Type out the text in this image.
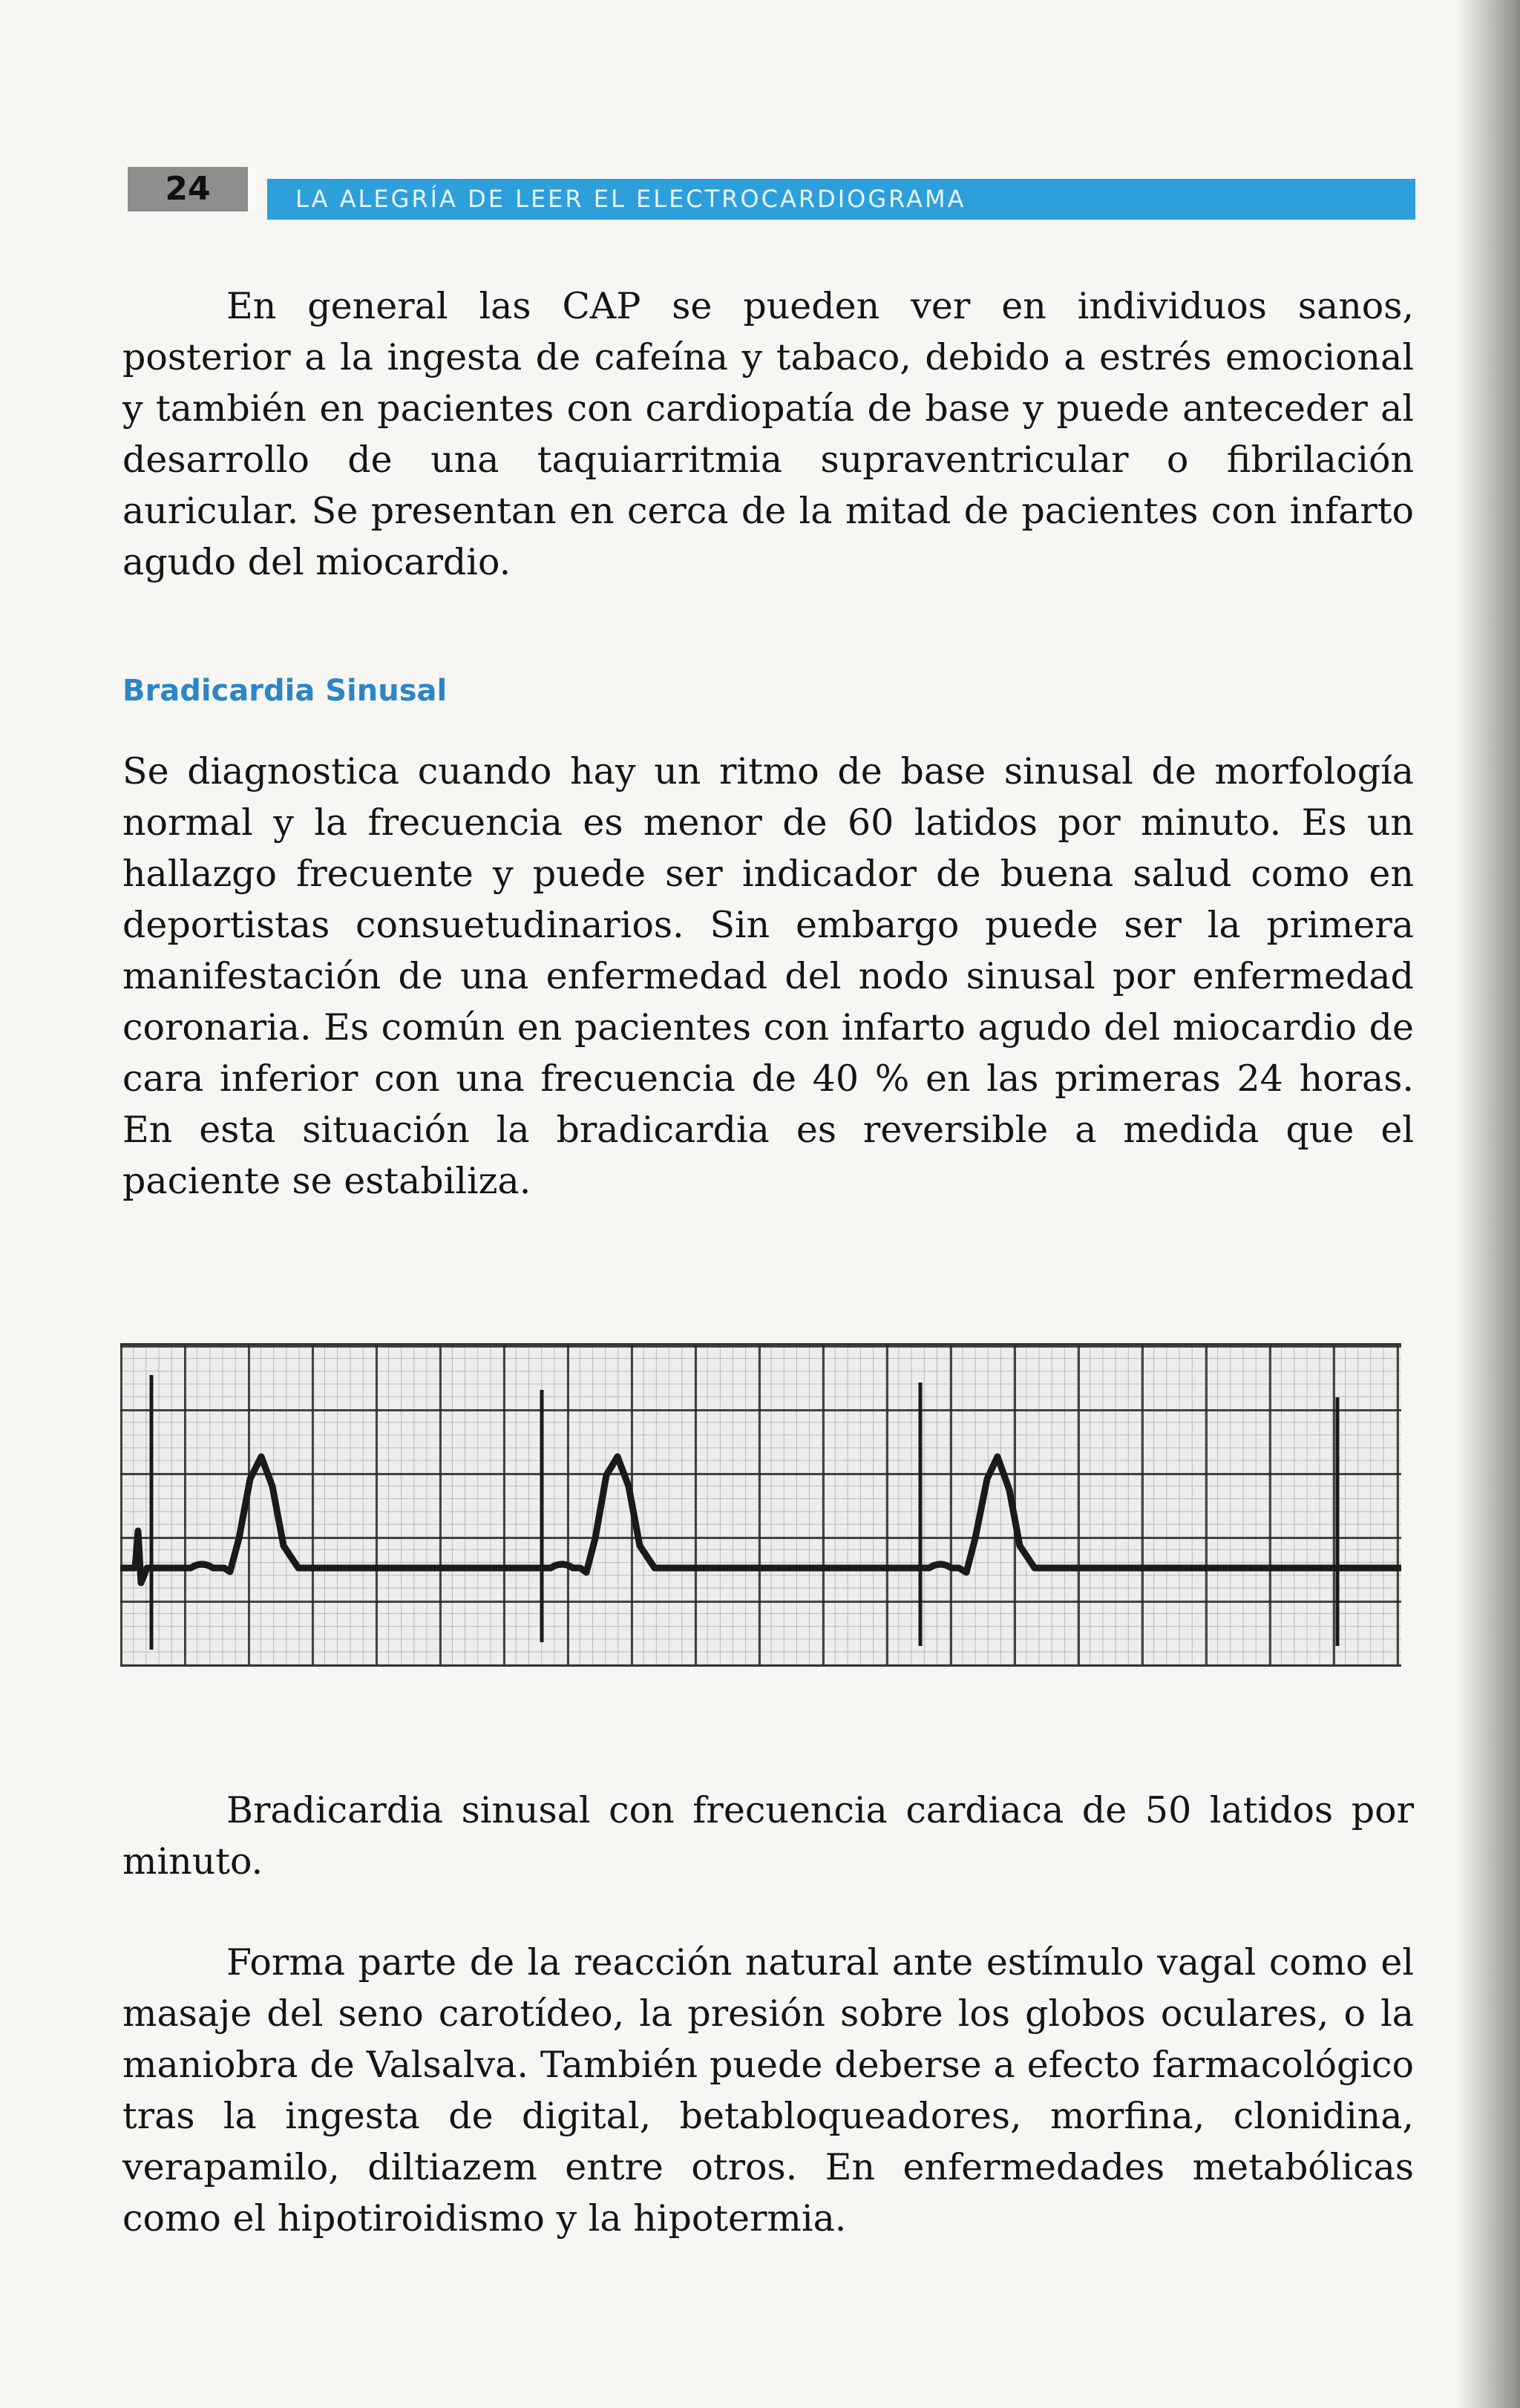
24	LA ALEGRÍA DE LEER EL ELECTROCARDIOGRAMA

En general las CAP se pueden ver en individuos sanos, posterior a la ingesta de cafeína y tabaco, debido a estrés emocional y también en pacientes con cardiopatía de base y puede anteceder al desarrollo de una taquiarritmia supraventricular o fibrilación auricular. Se presentan en cerca de la mitad de pacientes con infarto agudo del miocardio.

Bradicardia Sinusal

Se diagnostica cuando hay un ritmo de base sinusal de morfología normal y la frecuencia es menor de 60 latidos por minuto. Es un hallazgo frecuente y puede ser indicador de buena salud como en deportistas consuetudinarios. Sin embargo puede ser la primera manifestación de una enfermedad del nodo sinusal por enfermedad coronaria. Es común en pacientes con infarto agudo del miocardio de cara inferior con una frecuencia de 40 % en las primeras 24 horas. En esta situación la bradicardia es reversible a medida que el paciente se estabiliza.

Bradicardia sinusal con frecuencia cardiaca de 50 latidos por minuto.

Forma parte de la reacción natural ante estímulo vagal como el masaje del seno carotídeo, la presión sobre los globos oculares, o la maniobra de Valsalva. También puede deberse a efecto farmacológico tras la ingesta de digital, betabloqueadores, morfina, clonidina, verapamilo, diltiazem entre otros. En enfermedades metabólicas como el hipotiroidismo y la hipotermia.
